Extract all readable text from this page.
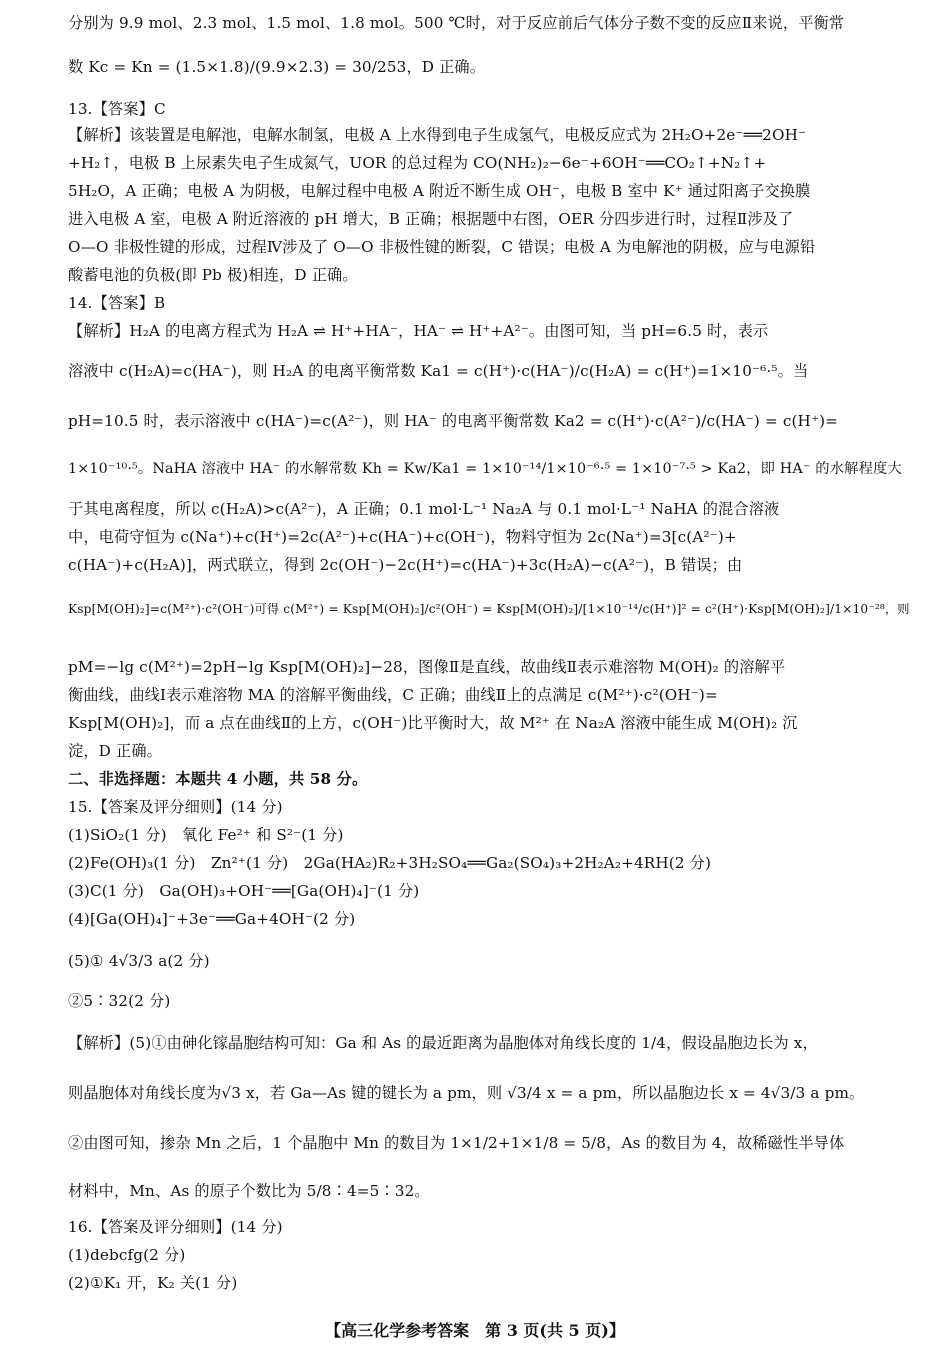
分别为 9.9 mol、2.3 mol、1.5 mol、1.8 mol。500 ℃时，对于反应前后气体分子数不变的反应Ⅱ来说，平衡常
数 Kc = Kn = (1.5×1.8)/(9.9×2.3) = 30/253，D 正确。
13.【答案】C
【解析】该装置是电解池，电解水制氢，电极 A 上水得到电子生成氢气，电极反应式为 2H₂O+2e⁻══2OH⁻
+H₂↑，电极 B 上尿素失电子生成氮气，UOR 的总过程为 CO(NH₂)₂−6e⁻+6OH⁻══CO₂↑+N₂↑+
5H₂O，A 正确；电极 A 为阴极，电解过程中电极 A 附近不断生成 OH⁻，电极 B 室中 K⁺ 通过阳离子交换膜
进入电极 A 室，电极 A 附近溶液的 pH 增大，B 正确；根据题中右图，OER 分四步进行时，过程Ⅱ涉及了
O—O 非极性键的形成，过程Ⅳ涉及了 O—O 非极性键的断裂，C 错误；电极 A 为电解池的阴极，应与电源铅
酸蓄电池的负极(即 Pb 极)相连，D 正确。
14.【答案】B
【解析】H₂A 的电离方程式为 H₂A ⇌ H⁺+HA⁻，HA⁻ ⇌ H⁺+A²⁻。由图可知，当 pH=6.5 时，表示
溶液中 c(H₂A)=c(HA⁻)，则 H₂A 的电离平衡常数 Ka1 = c(H⁺)·c(HA⁻)/c(H₂A) = c(H⁺)=1×10⁻⁶·⁵。当
pH=10.5 时，表示溶液中 c(HA⁻)=c(A²⁻)，则 HA⁻ 的电离平衡常数 Ka2 = c(H⁺)·c(A²⁻)/c(HA⁻) = c(H⁺)=
1×10⁻¹⁰·⁵。NaHA 溶液中 HA⁻ 的水解常数 Kh = Kw/Ka1 = 1×10⁻¹⁴/1×10⁻⁶·⁵ = 1×10⁻⁷·⁵ > Ka2，即 HA⁻ 的水解程度大
于其电离程度，所以 c(H₂A)>c(A²⁻)，A 正确；0.1 mol·L⁻¹ Na₂A 与 0.1 mol·L⁻¹ NaHA 的混合溶液
中，电荷守恒为 c(Na⁺)+c(H⁺)=2c(A²⁻)+c(HA⁻)+c(OH⁻)，物料守恒为 2c(Na⁺)=3[c(A²⁻)+
c(HA⁻)+c(H₂A)]，两式联立，得到 2c(OH⁻)−2c(H⁺)=c(HA⁻)+3c(H₂A)−c(A²⁻)，B 错误；由
Ksp[M(OH)₂]=c(M²⁺)·c²(OH⁻)可得 c(M²⁺) = Ksp[M(OH)₂]/c²(OH⁻) = Ksp[M(OH)₂]/[1×10⁻¹⁴/c(H⁺)]² = c²(H⁺)·Ksp[M(OH)₂]/1×10⁻²⁸，则
pM=−lg c(M²⁺)=2pH−lg Ksp[M(OH)₂]−28，图像Ⅱ是直线，故曲线Ⅱ表示难溶物 M(OH)₂ 的溶解平
衡曲线，曲线Ⅰ表示难溶物 MA 的溶解平衡曲线，C 正确；曲线Ⅱ上的点满足 c(M²⁺)·c²(OH⁻)=
Ksp[M(OH)₂]，而 a 点在曲线Ⅱ的上方，c(OH⁻)比平衡时大，故 M²⁺ 在 Na₂A 溶液中能生成 M(OH)₂ 沉
淀，D 正确。
二、非选择题：本题共 4 小题，共 58 分。
15.【答案及评分细则】(14 分)
(1)SiO₂(1 分)　氧化 Fe²⁺ 和 S²⁻(1 分)
(2)Fe(OH)₃(1 分)　Zn²⁺(1 分)　2Ga(HA₂)R₂+3H₂SO₄══Ga₂(SO₄)₃+2H₂A₂+4RH(2 分)
(3)C(1 分)　Ga(OH)₃+OH⁻══[Ga(OH)₄]⁻(1 分)
(4)[Ga(OH)₄]⁻+3e⁻══Ga+4OH⁻(2 分)
(5)① 4√3/3 a(2 分)
②5∶32(2 分)
【解析】(5)①由砷化镓晶胞结构可知：Ga 和 As 的最近距离为晶胞体对角线长度的 1/4，假设晶胞边长为 x，
则晶胞体对角线长度为√3 x，若 Ga—As 键的键长为 a pm，则 √3/4 x = a pm，所以晶胞边长 x = 4√3/3 a pm。
②由图可知，掺杂 Mn 之后，1 个晶胞中 Mn 的数目为 1×1/2+1×1/8 = 5/8，As 的数目为 4，故稀磁性半导体
材料中，Mn、As 的原子个数比为 5/8∶4=5∶32。
16.【答案及评分细则】(14 分)
(1)debcfg(2 分)
(2)①K₁ 开，K₂ 关(1 分)
【高三化学参考答案　第 3 页(共 5 页)】
